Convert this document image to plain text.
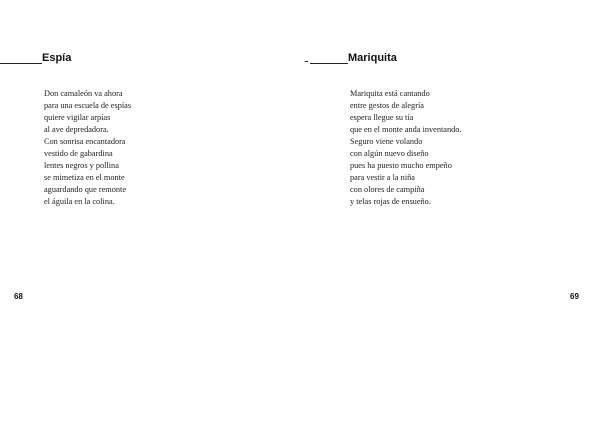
Espía
Don camaleón va ahora
para una escuela de espías
quiere vigilar arpías
al ave depredadora.
Con sonrisa encantadora
vestido de gabardina
lentes negros y pollina
se mimetiza en el monte
aguardando que remonte
el águila en la colina.
68
Mariquita
Mariquita está cantando
entre gestos de alegría
espera llegue su tía
que en el monte anda inventando.
Seguro viene volando
con algún nuevo diseño
pues ha puesto mucho empeño
para vestir a la niña
con olores de campiña
y telas rojas de ensueño.
69
